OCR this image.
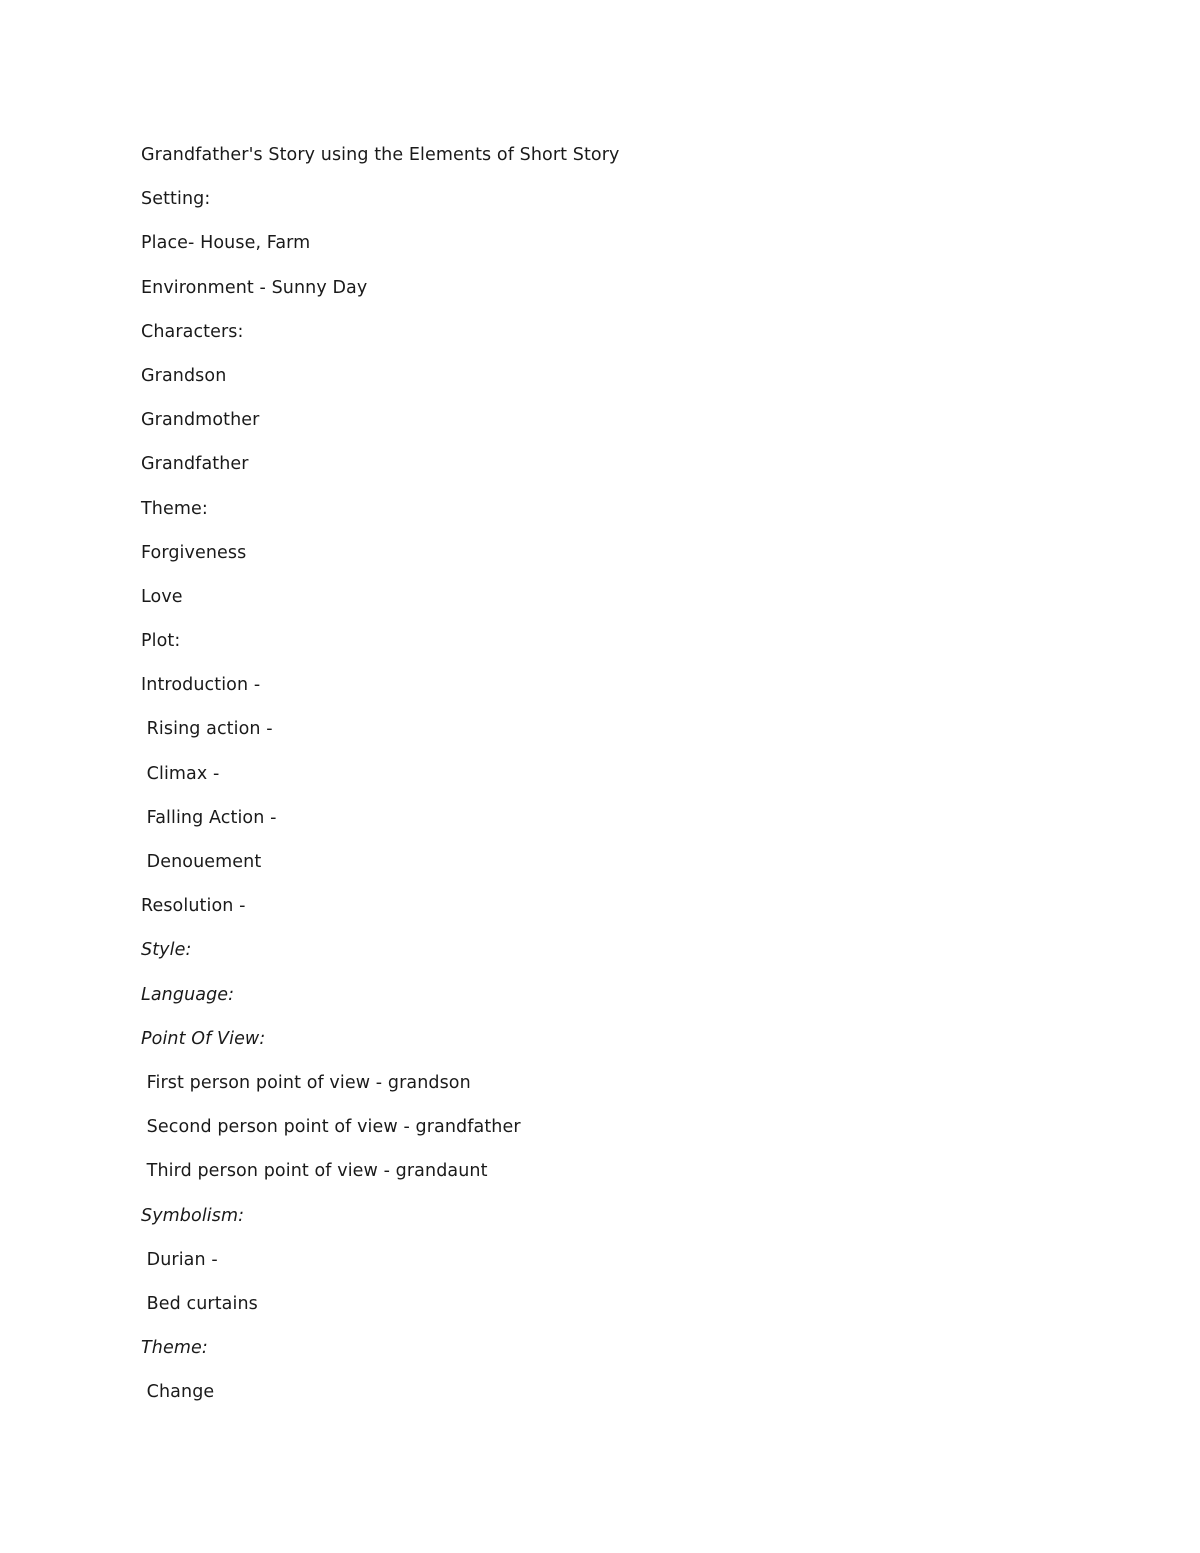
Grandfather's Story using the Elements of Short Story
Setting:
Place- House, Farm
Environment - Sunny Day
Characters:
Grandson
Grandmother
Grandfather
Theme:
Forgiveness
Love
Plot:
Introduction -
Rising action -
Climax -
Falling Action -
Denouement
Resolution -
Style:
Language:
Point Of View:
First person point of view - grandson
Second person point of view - grandfather
Third person point of view - grandaunt
Symbolism:
Durian -
Bed curtains
Theme:
Change
